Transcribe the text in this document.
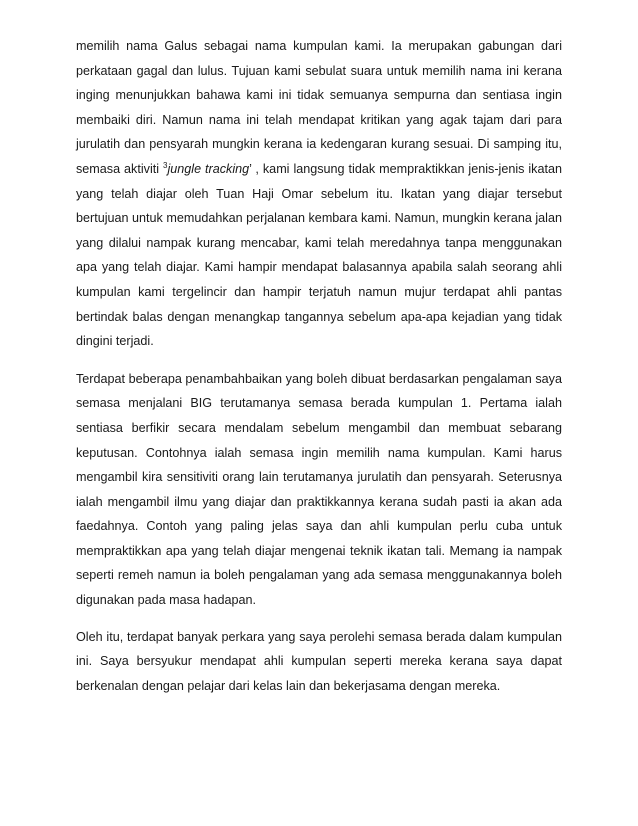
memilih nama Galus sebagai nama kumpulan kami. Ia merupakan gabungan dari perkataan gagal dan lulus. Tujuan kami sebulat suara untuk memilih nama ini kerana inging menunjukkan bahawa kami ini tidak semuanya sempurna dan sentiasa ingin membaiki diri. Namun nama ini telah mendapat kritikan yang agak tajam dari para jurulatih dan pensyarah mungkin kerana ia kedengaran kurang sesuai. Di samping itu, semasa aktiviti $^3$jungle tracking’ , kami langsung tidak mempraktikkan jenis-jenis ikatan yang telah diajar oleh Tuan Haji Omar sebelum itu. Ikatan yang diajar tersebut bertujuan untuk memudahkan perjalanan kembara kami. Namun, mungkin kerana jalan yang dilalui nampak kurang mencabar, kami telah meredahnya tanpa menggunakan apa yang telah diajar. Kami hampir mendapat balasannya apabila salah seorang ahli kumpulan kami tergelincir dan hampir terjatuh namun mujur terdapat ahli pantas bertindak balas dengan menangkap tangannya sebelum apa-apa kejadian yang tidak dingini terjadi.

Terdapat beberapa penambahbaikan yang boleh dibuat berdasarkan pengalaman saya semasa menjalani BIG terutamanya semasa berada kumpulan 1. Pertama ialah sentiasa berfikir secara mendalam sebelum mengambil dan membuat sebarang keputusan. Contohnya ialah semasa ingin memilih nama kumpulan. Kami harus mengambil kira sensitiviti orang lain terutamanya jurulatih dan pensyarah. Seterusnya ialah mengambil ilmu yang diajar dan praktikkannya kerana sudah pasti ia akan ada faedahnya. Contoh yang paling jelas saya dan ahli kumpulan perlu cuba untuk mempraktikkan apa yang telah diajar mengenai teknik ikatan tali. Memang ia nampak seperti remeh namun ia boleh pengalaman yang ada semasa menggunakannya boleh digunakan pada masa hadapan.

Oleh itu, terdapat banyak perkara yang saya perolehi semasa berada dalam kumpulan ini. Saya bersyukur mendapat ahli kumpulan seperti mereka kerana saya dapat berkenalan dengan pelajar dari kelas lain dan bekerjasama dengan mereka.
